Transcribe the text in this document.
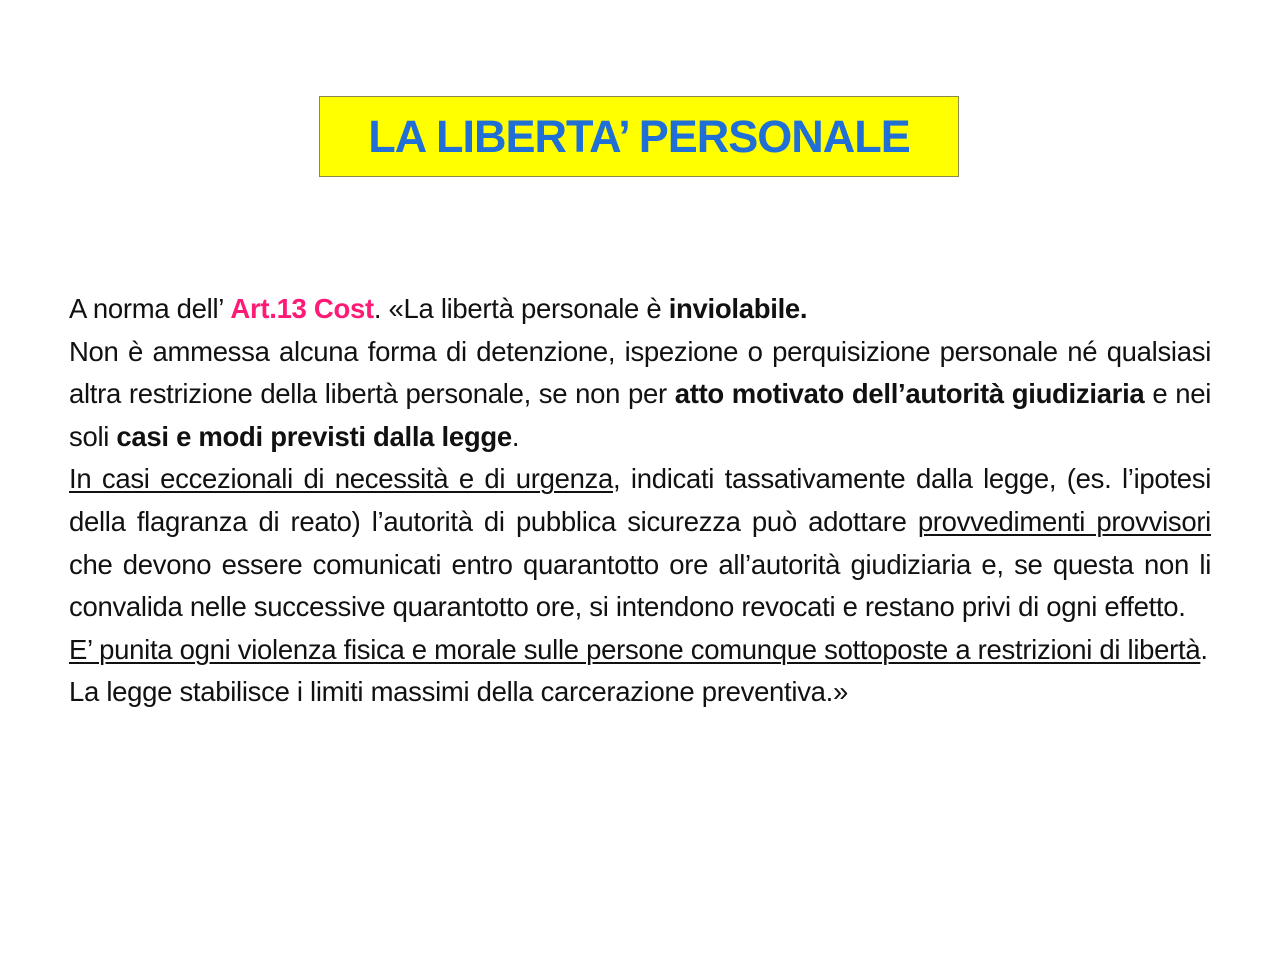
LA LIBERTA’ PERSONALE

A norma dell’ Art.13 Cost. «La libertà personale è inviolabile.

Non è ammessa alcuna forma di detenzione, ispezione o perquisizione personale né qualsiasi altra restrizione della libertà personale, se non per atto motivato dell’autorità giudiziaria e nei soli casi e modi previsti dalla legge.

In casi eccezionali di necessità e di urgenza, indicati tassativamente dalla legge, (es. l’ipotesi della flagranza di reato) l’autorità di pubblica sicurezza può adottare provvedimenti provvisori che devono essere comunicati entro quarantotto ore all’autorità giudiziaria e, se questa non li convalida nelle successive quarantotto ore, si intendono revocati e restano privi di ogni effetto.

E’ punita ogni violenza fisica e morale sulle persone comunque sottoposte a restrizioni di libertà.

La legge stabilisce i limiti massimi della carcerazione preventiva.»
